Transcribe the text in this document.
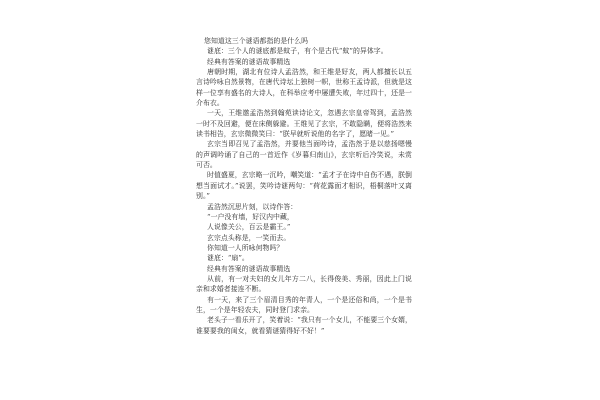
您知道这三个谜语都指的是什么吗

谜底：三个人的谜底都是蚊子，有个是古代“蚊”的异体字。

经典有答案的谜语故事精选

唐朝时期，湖北有位诗人孟浩然，和王维是好友，两人都擅长以五言诗吟咏自然景物，在唐代诗坛上独树一帜，世称王孟诗派，但就是这样一位享有盛名的大诗人，在科举应考中屡遭失败，年过四十，还是一介布衣。

一天，王维邀孟浩然到翰苑读诗论文，忽遇玄宗皇帝驾到，孟浩然一时不及回避，便在床侧躲避。王维见了玄宗，不敢隐瞒，便将浩然来读书相告，玄宗微微笑曰：“朕早就听说他的名字了，愿睹一见。”

玄宗当即召见了孟浩然，并要他当面吟诗，孟浩然于是以慈扬嗯慢的声调吟诵了自己的一首近作《岁暮归南山》，玄宗听后冷笑说，未赏可否。

时值盛夏，玄宗略一沉吟，嘲笑道：“孟才子在诗中自伤不遇，朕倒想当面试才。”说罢，笑吟诗谜两句：“荷花露面才相识，梧桐落叶又离别。”

孟浩然沉思片刻，以诗作答：

“一户没有墙，好汉内中藏，

人说像关公，百云是霸王。”

玄宗点头称是，一笑而去。

你知道一人所咏何物吗？

谜底：“扇”。

经典有答案的谜语故事精选

从前，有一对夫妇的女儿年方二八，长得俊美、秀丽，因此上门说亲和求婚者接连不断。

有一天，来了三个眉清目秀的年青人，一个是还俗和尚，一个是书生，一个是年轻农夫，同时登门求亲。

老头子一看乐开了，笑着说：“我只有一个女儿，不能要三个女婿，谁要要我的闺女，就看猜谜猜得好不好！”
